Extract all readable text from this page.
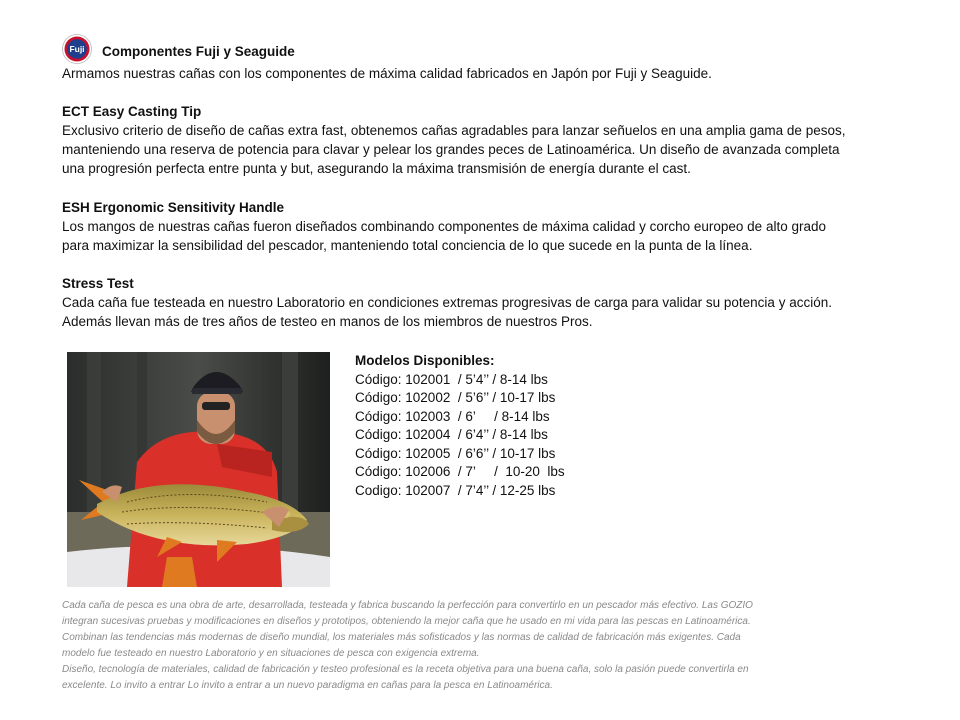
Fuji Componentes Fuji y Seaguide
Armamos nuestras cañas con los componentes de máxima calidad fabricados en Japón por Fuji y Seaguide.
ECT Easy Casting Tip
Exclusivo criterio de diseño de cañas extra fast, obtenemos cañas agradables para lanzar señuelos en una amplia gama de pesos,
manteniendo una reserva de potencia para clavar y pelear los grandes peces de Latinoamérica. Un diseño de avanzada completa
una progresión perfecta entre punta y but, asegurando la máxima transmisión de energía durante el cast.
ESH Ergonomic Sensitivity Handle
Los mangos de nuestras cañas fueron diseñados combinando componentes de máxima calidad y corcho europeo de alto grado
para maximizar la sensibilidad del pescador, manteniendo total conciencia de lo que sucede en la punta de la línea.
Stress Test
Cada caña fue testeada en nuestro Laboratorio en condiciones extremas progresivas de carga para validar su potencia y acción.
Además llevan más de tres años de testeo en manos de los miembros de nuestros Pros.
Modelos Disponibles:
Código: 102001  / 5’4’’ / 8-14 lbs
Código: 102002  / 5’6’’ / 10-17 lbs
Código: 102003  / 6’     / 8-14 lbs
Código: 102004  / 6’4’’ / 8-14 lbs
Código: 102005  / 6’6’’ / 10-17 lbs
Código: 102006  / 7’     /  10-20  lbs
Codigo: 102007  / 7’4’’ / 12-25 lbs
Cada caña de pesca es una obra de arte, desarrollada, testeada y fabrica buscando la perfección para convertirlo en un pescador más efectivo. Las GOZIO
integran sucesivas pruebas y modificaciones en diseños y prototipos, obteniendo la mejor caña que he usado en mi vida para las pescas en Latinoamérica.
Combinan las tendencias más modernas de diseño mundial, los materiales más sofisticados y las normas de calidad de fabricación más exigentes. Cada
modelo fue testeado en nuestro Laboratorio y en situaciones de pesca con exigencia extrema.
Diseño, tecnología de materiales, calidad de fabricación y testeo profesional es la receta objetiva para una buena caña, solo la pasión puede convertirla en
excelente. Lo invito a entrar Lo invito a entrar a un nuevo paradigma en cañas para la pesca en Latinoamérica.
